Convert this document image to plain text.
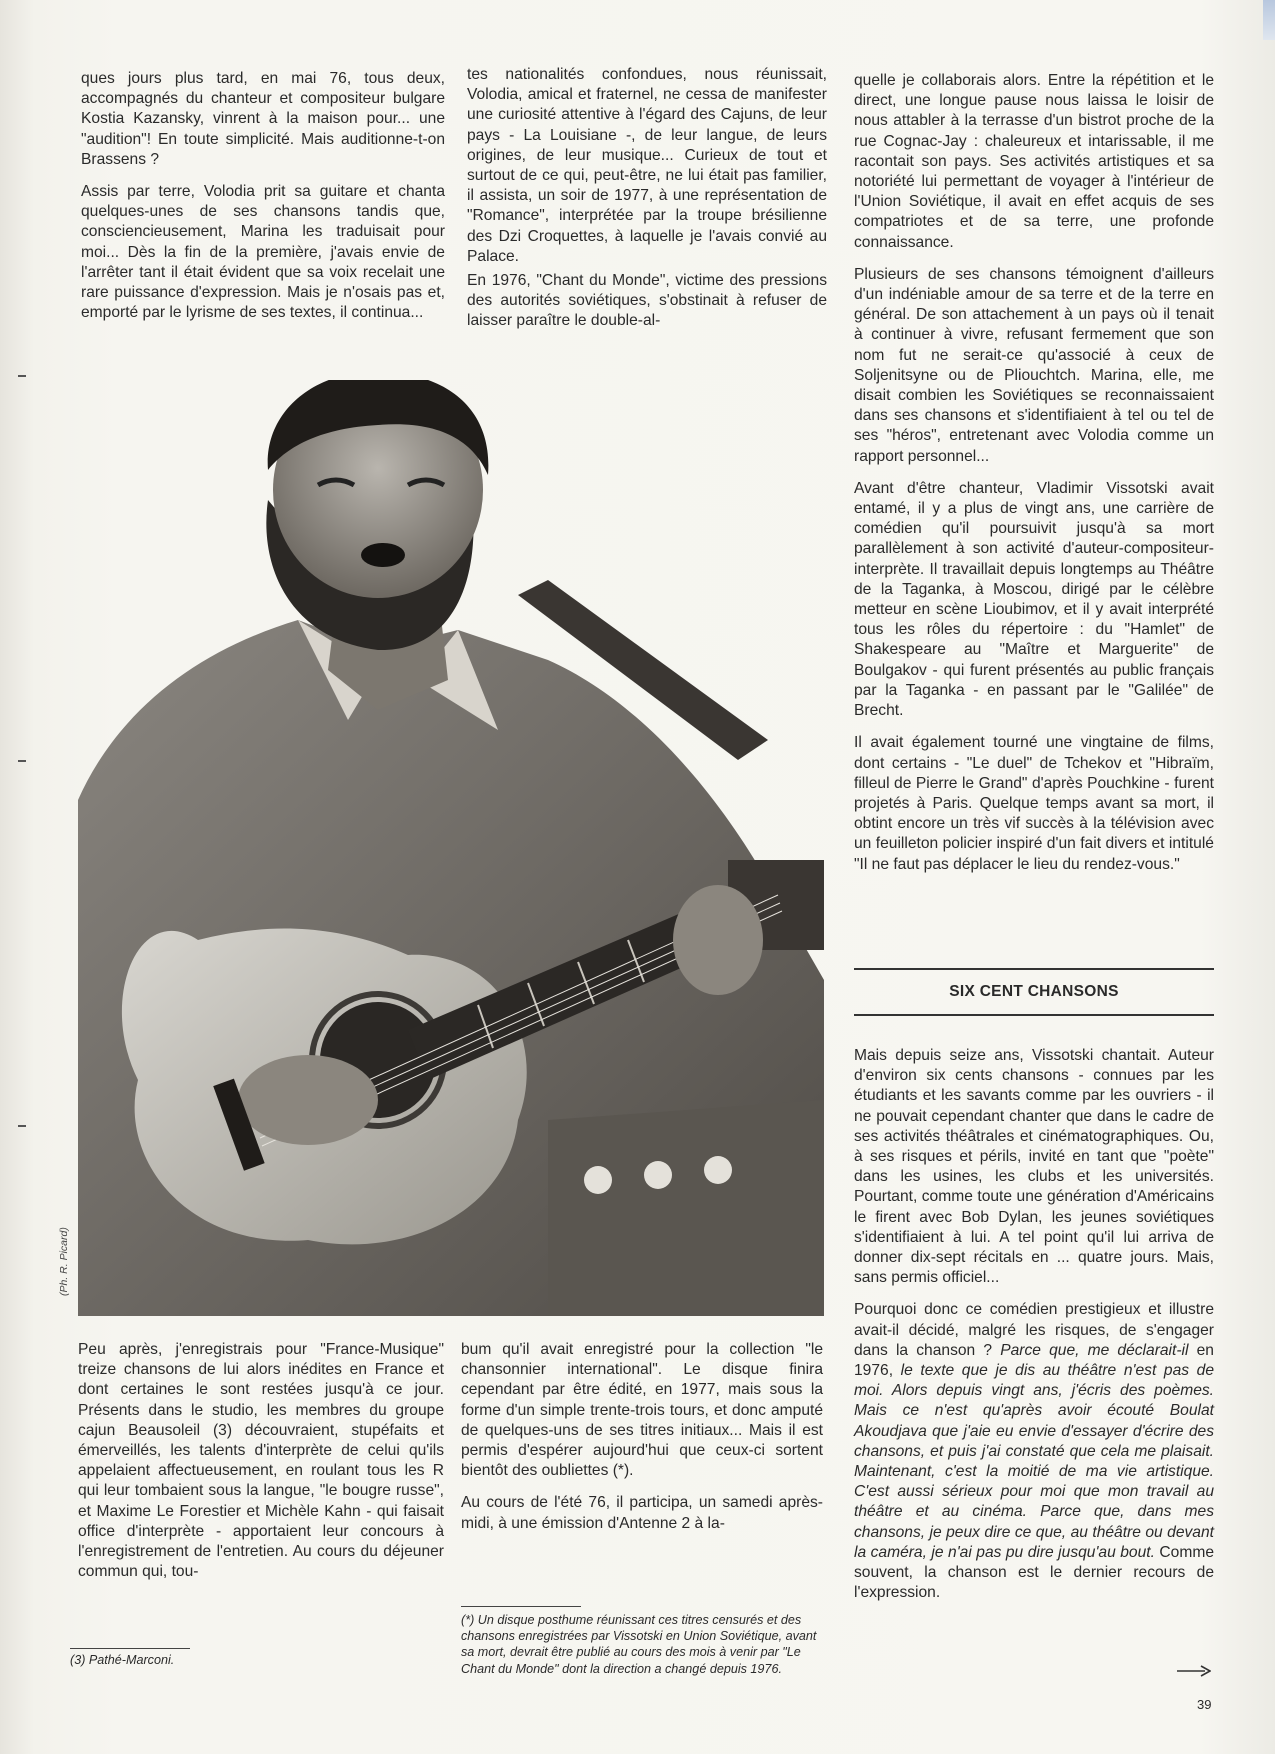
ques jours plus tard, en mai 76, tous deux, accompagnés du chanteur et compositeur bulgare Kostia Kazansky, vinrent à la maison pour... une "audition"! En toute simplicité. Mais auditionne-t-on Brassens ?

Assis par terre, Volodia prit sa guitare et chanta quelques-unes de ses chansons tandis que, consciencieusement, Marina les traduisait pour moi... Dès la fin de la première, j'avais envie de l'arrêter tant il était évident que sa voix recelait une rare puissance d'expression. Mais je n'osais pas et, emporté par le lyrisme de ses textes, il continua...

tes nationalités confondues, nous réunissait, Volodia, amical et fraternel, ne cessa de manifester une curiosité attentive à l'égard des Cajuns, de leur pays - La Louisiane -, de leur langue, de leurs origines, de leur musique... Curieux de tout et surtout de ce qui, peut-être, ne lui était pas familier, il assista, un soir de 1977, à une représentation de "Romance", interprétée par la troupe brésilienne des Dzi Croquettes, à laquelle je l'avais convié au Palace.

En 1976, "Chant du Monde", victime des pressions des autorités soviétiques, s'obstinait à refuser de laisser paraître le double-al-

quelle je collaborais alors. Entre la répétition et le direct, une longue pause nous laissa le loisir de nous attabler à la terrasse d'un bistrot proche de la rue Cognac-Jay : chaleureux et intarissable, il me racontait son pays. Ses activités artistiques et sa notoriété lui permettant de voyager à l'intérieur de l'Union Soviétique, il avait en effet acquis de ses compatriotes et de sa terre, une profonde connaissance.

Plusieurs de ses chansons témoignent d'ailleurs d'un indéniable amour de sa terre et de la terre en général. De son attachement à un pays où il tenait à continuer à vivre, refusant fermement que son nom fut ne serait-ce qu'associé à ceux de Soljenitsyne ou de Pliouchtch. Marina, elle, me disait combien les Soviétiques se reconnaissaient dans ses chansons et s'identifiaient à tel ou tel de ses "héros", entretenant avec Volodia comme un rapport personnel...

Avant d'être chanteur, Vladimir Vissotski avait entamé, il y a plus de vingt ans, une carrière de comédien qu'il poursuivit jusqu'à sa mort parallèlement à son activité d'auteur-compositeur-interprète. Il travaillait depuis longtemps au Théâtre de la Taganka, à Moscou, dirigé par le célèbre metteur en scène Lioubimov, et il y avait interprété tous les rôles du répertoire : du "Hamlet" de Shakespeare au "Maître et Marguerite" de Boulgakov - qui furent présentés au public français par la Taganka - en passant par le "Galilée" de Brecht.

Il avait également tourné une vingtaine de films, dont certains - "Le duel" de Tchekov et "Hibraïm, filleul de Pierre le Grand" d'après Pouchkine - furent projetés à Paris. Quelque temps avant sa mort, il obtint encore un très vif succès à la télévision avec un feuilleton policier inspiré d'un fait divers et intitulé "Il ne faut pas déplacer le lieu du rendez-vous."

SIX CENT CHANSONS

Mais depuis seize ans, Vissotski chantait. Auteur d'environ six cents chansons - connues par les étudiants et les savants comme par les ouvriers - il ne pouvait cependant chanter que dans le cadre de ses activités théâtrales et cinématographiques. Ou, à ses risques et périls, invité en tant que "poète" dans les usines, les clubs et les universités. Pourtant, comme toute une génération d'Américains le firent avec Bob Dylan, les jeunes soviétiques s'identifiaient à lui. A tel point qu'il lui arriva de donner dix-sept récitals en ... quatre jours. Mais, sans permis officiel...

Pourquoi donc ce comédien prestigieux et illustre avait-il décidé, malgré les risques, de s'engager dans la chanson ? Parce que, me déclarait-il en 1976, le texte que je dis au théâtre n'est pas de moi. Alors depuis vingt ans, j'écris des poèmes. Mais ce n'est qu'après avoir écouté Boulat Akoudjava que j'aie eu envie d'essayer d'écrire des chansons, et puis j'ai constaté que cela me plaisait. Maintenant, c'est la moitié de ma vie artistique. C'est aussi sérieux pour moi que mon travail au théâtre et au cinéma. Parce que, dans mes chansons, je peux dire ce que, au théâtre ou devant la caméra, je n'ai pas pu dire jusqu'au bout. Comme souvent, la chanson est le dernier recours de l'expression.

(Ph. R. Picard)

Peu après, j'enregistrais pour "France-Musique" treize chansons de lui alors inédites en France et dont certaines le sont restées jusqu'à ce jour. Présents dans le studio, les membres du groupe cajun Beausoleil (3) découvraient, stupéfaits et émerveillés, les talents d'interprète de celui qu'ils appelaient affectueusement, en roulant tous les R qui leur tombaient sous la langue, "le bougre russe", et Maxime Le Forestier et Michèle Kahn - qui faisait office d'interprète - apportaient leur concours à l'enregistrement de l'entretien. Au cours du déjeuner commun qui, tou-

bum qu'il avait enregistré pour la collection "le chansonnier international". Le disque finira cependant par être édité, en 1977, mais sous la forme d'un simple trente-trois tours, et donc amputé de quelques-uns de ses titres initiaux... Mais il est permis d'espérer aujourd'hui que ceux-ci sortent bientôt des oubliettes (*).

Au cours de l'été 76, il participa, un samedi après-midi, à une émission d'Antenne 2 à la-

(*) Un disque posthume réunissant ces titres censurés et des chansons enregistrées par Vissotski en Union Soviétique, avant sa mort, devrait être publié au cours des mois à venir par "Le Chant du Monde" dont la direction a changé depuis 1976.
(3) Pathé-Marconi.
39
